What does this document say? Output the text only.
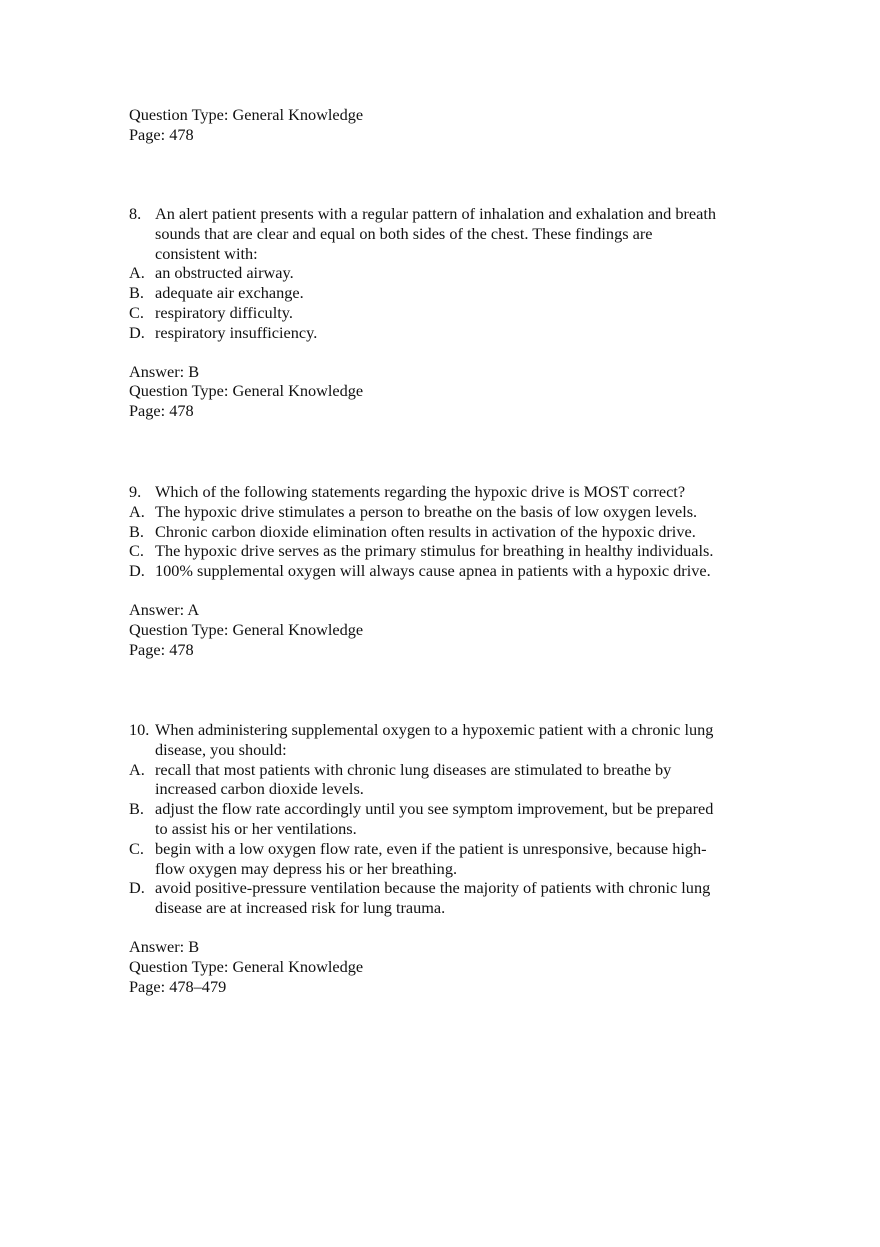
Question Type: General Knowledge

Page: 478

8. An alert patient presents with a regular pattern of inhalation and exhalation and breath

sounds that are clear and equal on both sides of the chest. These findings are

consistent with:

A. an obstructed airway.

B. adequate air exchange.

C. respiratory difficulty.

D. respiratory insufficiency.

Answer: B

Question Type: General Knowledge

Page: 478

9. Which of the following statements regarding the hypoxic drive is MOST correct?

A. The hypoxic drive stimulates a person to breathe on the basis of low oxygen levels.

B. Chronic carbon dioxide elimination often results in activation of the hypoxic drive.

C. The hypoxic drive serves as the primary stimulus for breathing in healthy individuals.

D. 100% supplemental oxygen will always cause apnea in patients with a hypoxic drive.

Answer: A

Question Type: General Knowledge

Page: 478

10. When administering supplemental oxygen to a hypoxemic patient with a chronic lung

disease, you should:

A. recall that most patients with chronic lung diseases are stimulated to breathe by

increased carbon dioxide levels.

B. adjust the flow rate accordingly until you see symptom improvement, but be prepared

to assist his or her ventilations.

C. begin with a low oxygen flow rate, even if the patient is unresponsive, because high-

flow oxygen may depress his or her breathing.

D. avoid positive-pressure ventilation because the majority of patients with chronic lung

disease are at increased risk for lung trauma.

Answer: B

Question Type: General Knowledge

Page: 478–479
